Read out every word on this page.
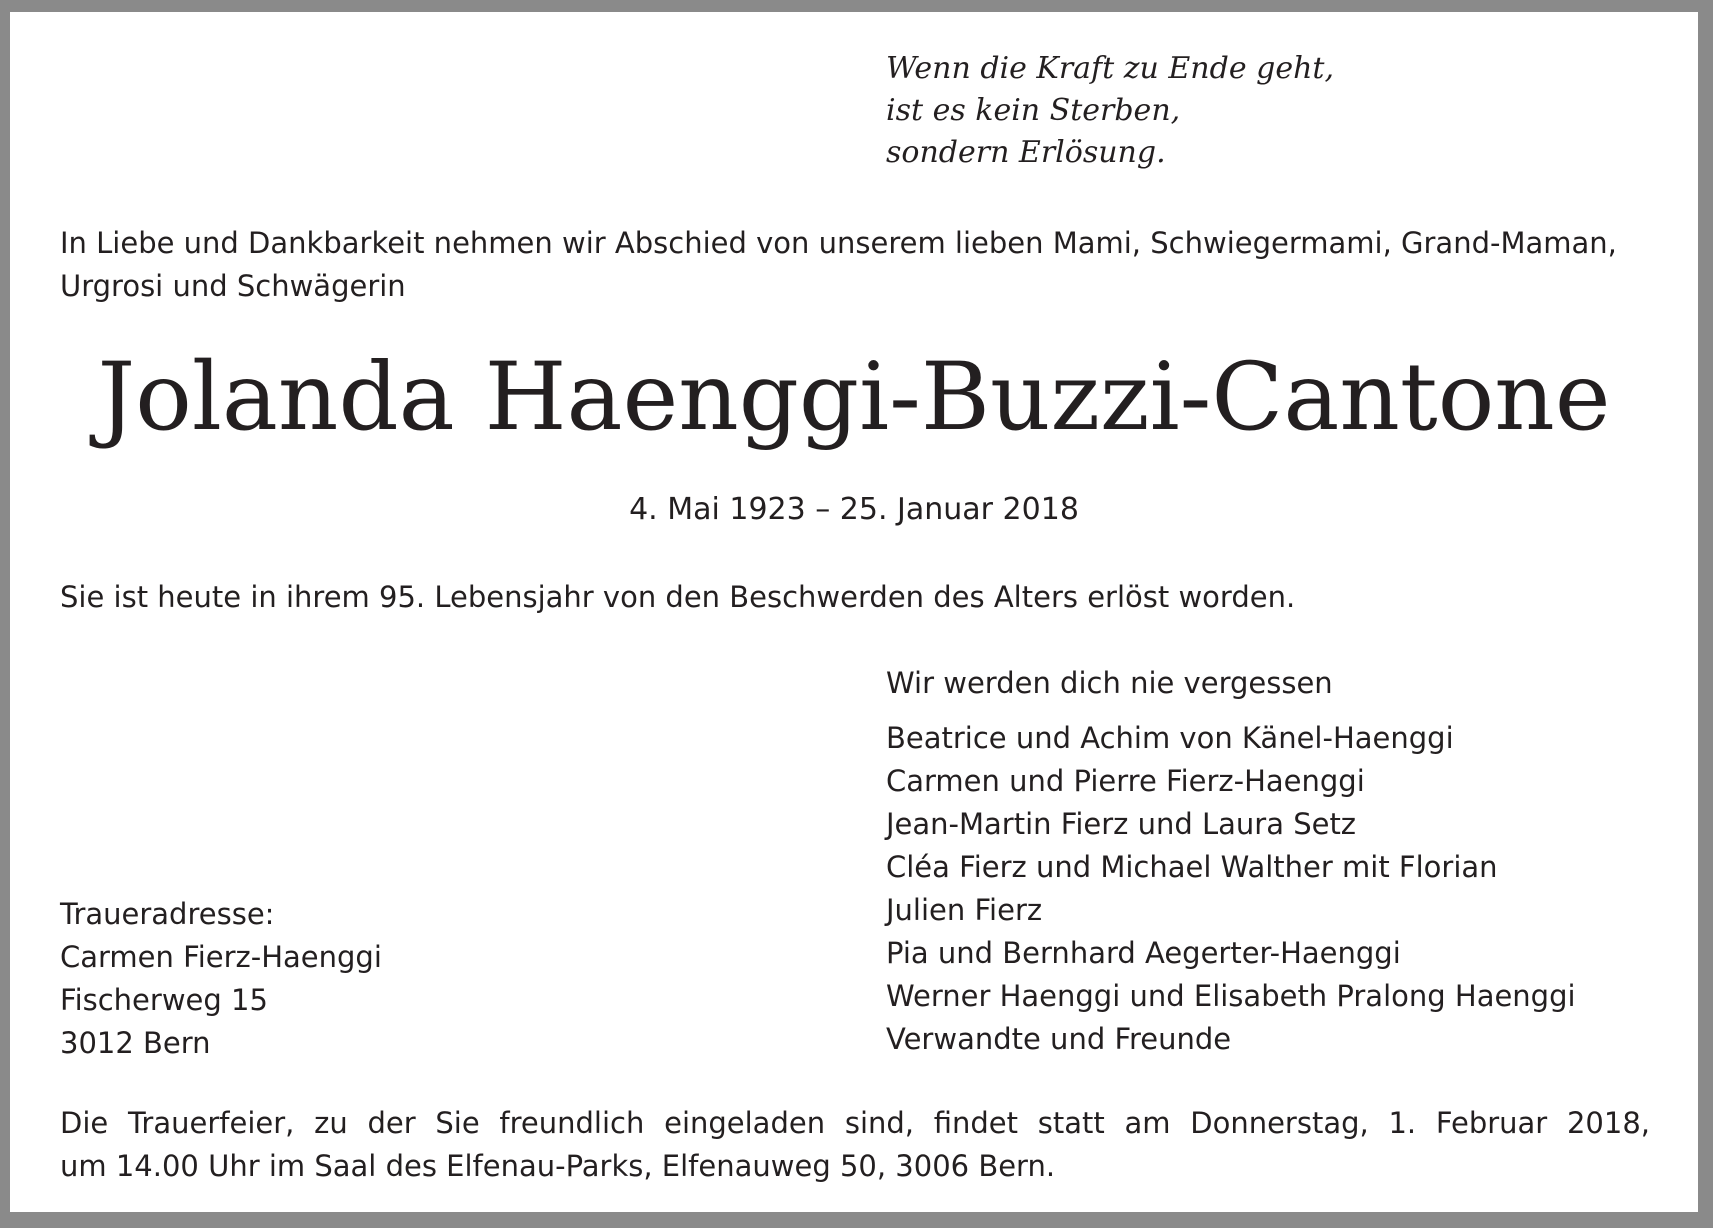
Wenn die Kraft zu Ende geht,
ist es kein Sterben,
sondern Erlösung.
In Liebe und Dankbarkeit nehmen wir Abschied von unserem lieben Mami, Schwiegermami, Grand-Maman, Urgrosi und Schwägerin
Jolanda Haenggi-Buzzi-Cantone
4. Mai 1923 – 25. Januar 2018
Sie ist heute in ihrem 95. Lebensjahr von den Beschwerden des Alters erlöst worden.
Wir werden dich nie vergessen
Beatrice und Achim von Känel-Haenggi
Carmen und Pierre Fierz-Haenggi
Jean-Martin Fierz und Laura Setz
Cléa Fierz und Michael Walther mit Florian
Julien Fierz
Pia und Bernhard Aegerter-Haenggi
Werner Haenggi und Elisabeth Pralong Haenggi
Verwandte und Freunde
Traueradresse:
Carmen Fierz-Haenggi
Fischerweg 15
3012 Bern
Die Trauerfeier, zu der Sie freundlich eingeladen sind, findet statt am Donnerstag, 1. Februar 2018,
um 14.00 Uhr im Saal des Elfenau-Parks, Elfenauweg 50, 3006 Bern.
